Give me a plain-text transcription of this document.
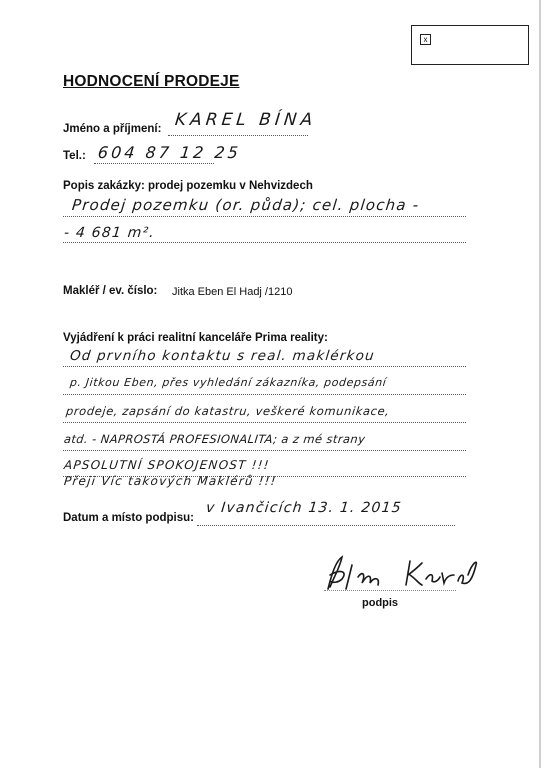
x
HODNOCENÍ PRODEJE
Jméno a příjmení: KAREL BÍNA
Tel.: 604 87 12 25
Popis zakázky: prodej pozemku v Nehvizdech
Prodej pozemku (or. půda); cel. plocha -
- 4 681 m².
Makléř / ev. číslo: Jitka Eben El Hadj /1210
Vyjádření k práci realitní kanceláře Prima reality:
Od prvního kontaktu s real. maklérkou
p. Jitkou Eben, přes vyhledání zákazníka, podepsání
prodeje, zapsání do katastru, veškeré komunikace,
atd. - NAPROSTÁ PROFESIONALITA; a z mé strany
APSOLUTNÍ SPOKOJENOST !!!
Přeji Víc takových Maklérů !!!
Datum a místo podpisu:
v Ivančicích 13. 1. 2015
podpis
